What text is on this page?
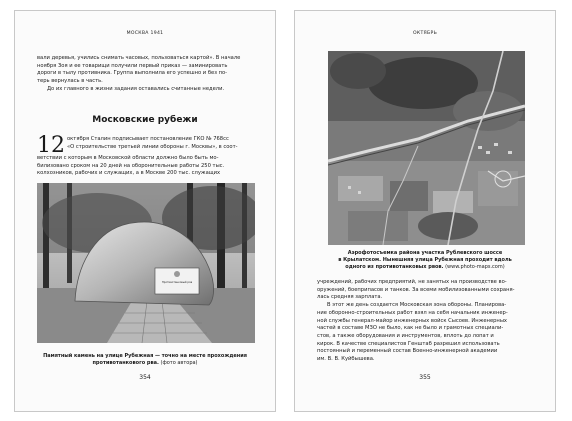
МОСКВА 1941

вали деревья, учились снимать часовых, пользоваться картой». В начале

ноября Зоя и ее товарищи получили первый приказ — заминировать

дороги в тылу противника. Группа выполнила его успешно и без по-

терь вернулась в часть.

До их главного в жизни задания оставались считанные недели.

Московские рубежи
12 октября Сталин подписывает постановление ГКО № 768сс

«О строительстве третьей линии обороны г. Москвы», в соот-

ветствии с которым в Московской области должно было быть мо-

билизовано сроком на 20 дней на оборонительные работы 250 тыс.

колхозников, рабочих и служащих, а в Москве 200 тыс. служащих

Противотанковый ров
Памятный камень на улице Рубежная — точно на месте прохождения
противотанкового рва. (фото автора)
354
ОКТЯБРЬ
Аэрофотосъемка района участка Рублевского шоссе
в Крылатском. Нынешняя улица Рубежная проходит вдоль
одного из противотанковых рвов. (www.photo-maps.com)

учреждений, рабочих предприятий, не занятых на производстве во-

оружений, боеприпасов и танков. За всеми мобилизованными сохраня-

лась средняя зарплата.

В этот же день создается Московская зона обороны. Планирова-

ние оборонно-строительных работ взял на себя начальник инженер-

ной службы генерал-майор инженерных войск Сысоев. Инженерных

частей в составе МЗО не было, как не было и грамотных специали-

стов, а также оборудования и инструментов, вплоть до лопат и

кирок. В качестве специалистов Генштаб разрешил использовать

постоянный и переменный состав Военно-инженерной академии

им. В. В. Куйбышева.

355
